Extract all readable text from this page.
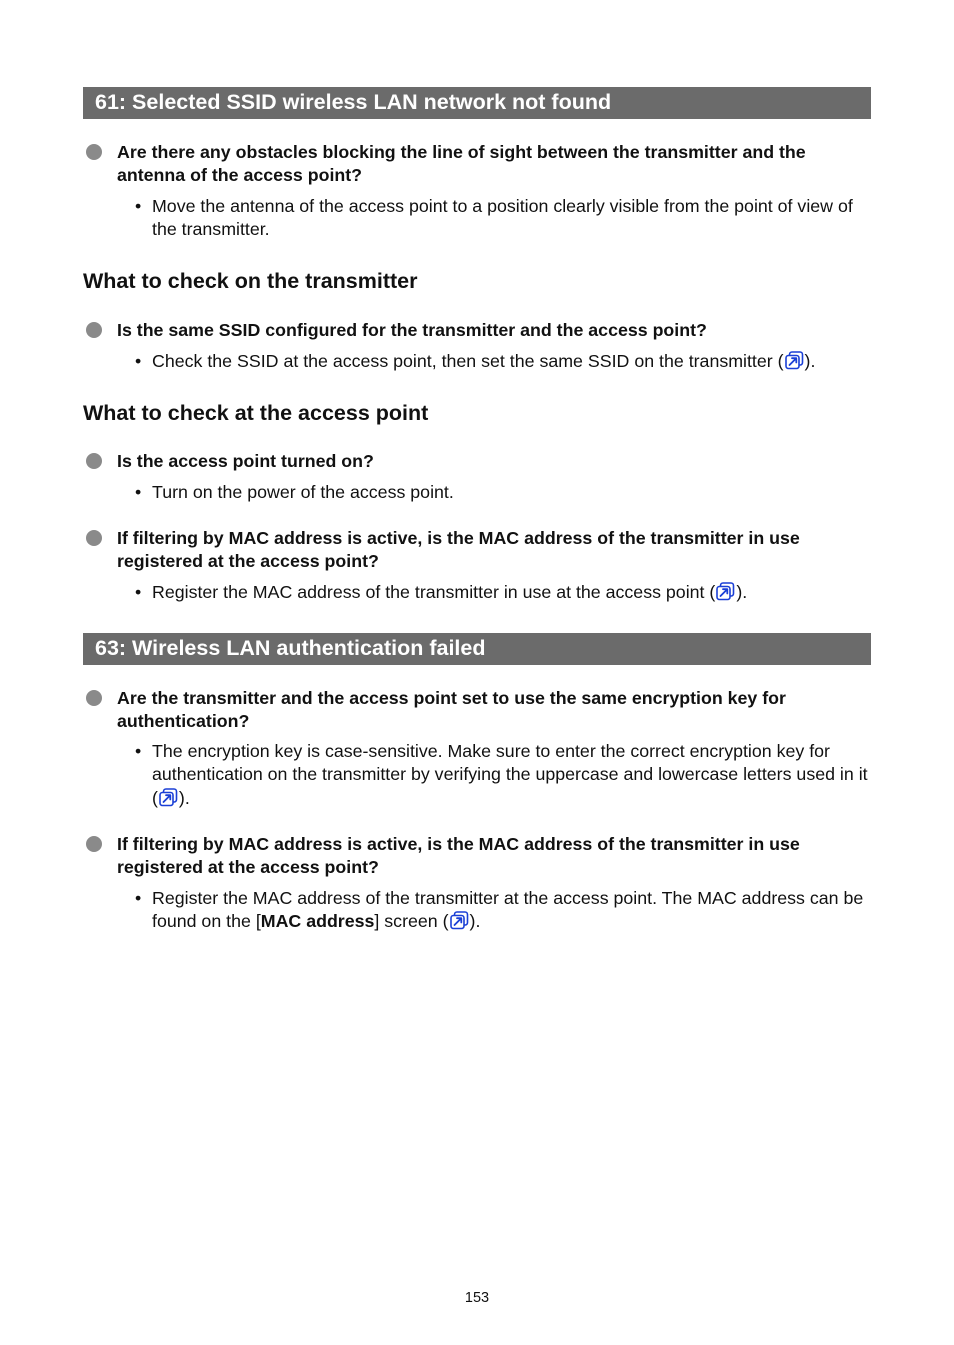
61: Selected SSID wireless LAN network not found
Are there any obstacles blocking the line of sight between the transmitter and the antenna of the access point?
• Move the antenna of the access point to a position clearly visible from the point of view of the transmitter.
What to check on the transmitter
Is the same SSID configured for the transmitter and the access point?
• Check the SSID at the access point, then set the same SSID on the transmitter ( ).
What to check at the access point
Is the access point turned on?
• Turn on the power of the access point.
If filtering by MAC address is active, is the MAC address of the transmitter in use registered at the access point?
• Register the MAC address of the transmitter in use at the access point ( ).
63: Wireless LAN authentication failed
Are the transmitter and the access point set to use the same encryption key for authentication?
• The encryption key is case-sensitive. Make sure to enter the correct encryption key for authentication on the transmitter by verifying the uppercase and lowercase letters used in it ( ).
If filtering by MAC address is active, is the MAC address of the transmitter in use registered at the access point?
• Register the MAC address of the transmitter at the access point. The MAC address can be found on the [MAC address] screen ( ).
153
